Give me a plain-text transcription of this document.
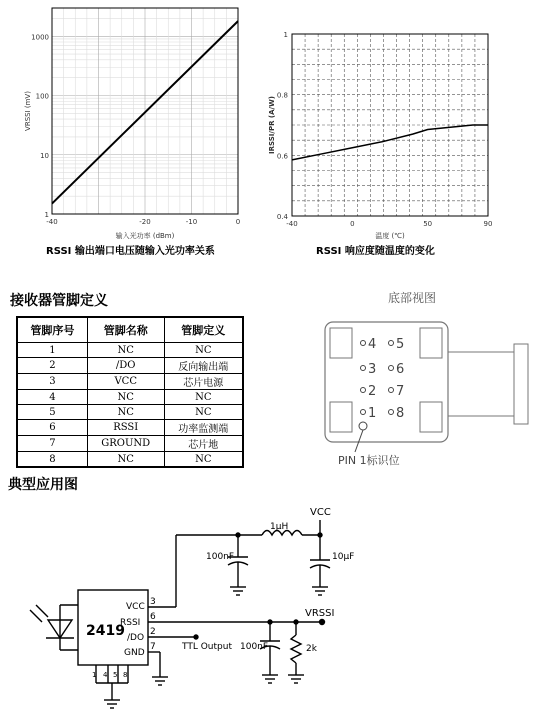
-40	-20	-10	0
1000
100
10
1
输入光功率 (dBm)
VRSSI (mV)
RSSI 输出端口电压随输入光功率关系
-40	0	50	90
1
0.8
0.6
0.4
温度 (℃)
IRSSI/PR (A/W)
RSSI 响应度随温度的变化
接收器管脚定义
管脚序号	管脚名称	管脚定义
1	NC	NC
2	/DO	反向输出端
3	VCC	芯片电源
4	NC	NC
5	NC	NC
6	RSSI	功率监测端
7	GROUND	芯片地
8	NC	NC
底部视图
4 5
3 6
2 7
1 8
PIN 1标识位
典型应用图
2419
VCC
RSSI
/DO
GND
3
6
2
7
1 4 5 8
VCC
VRSSI
1μH
100nF	10μF
100nF	2k
TTL Output
